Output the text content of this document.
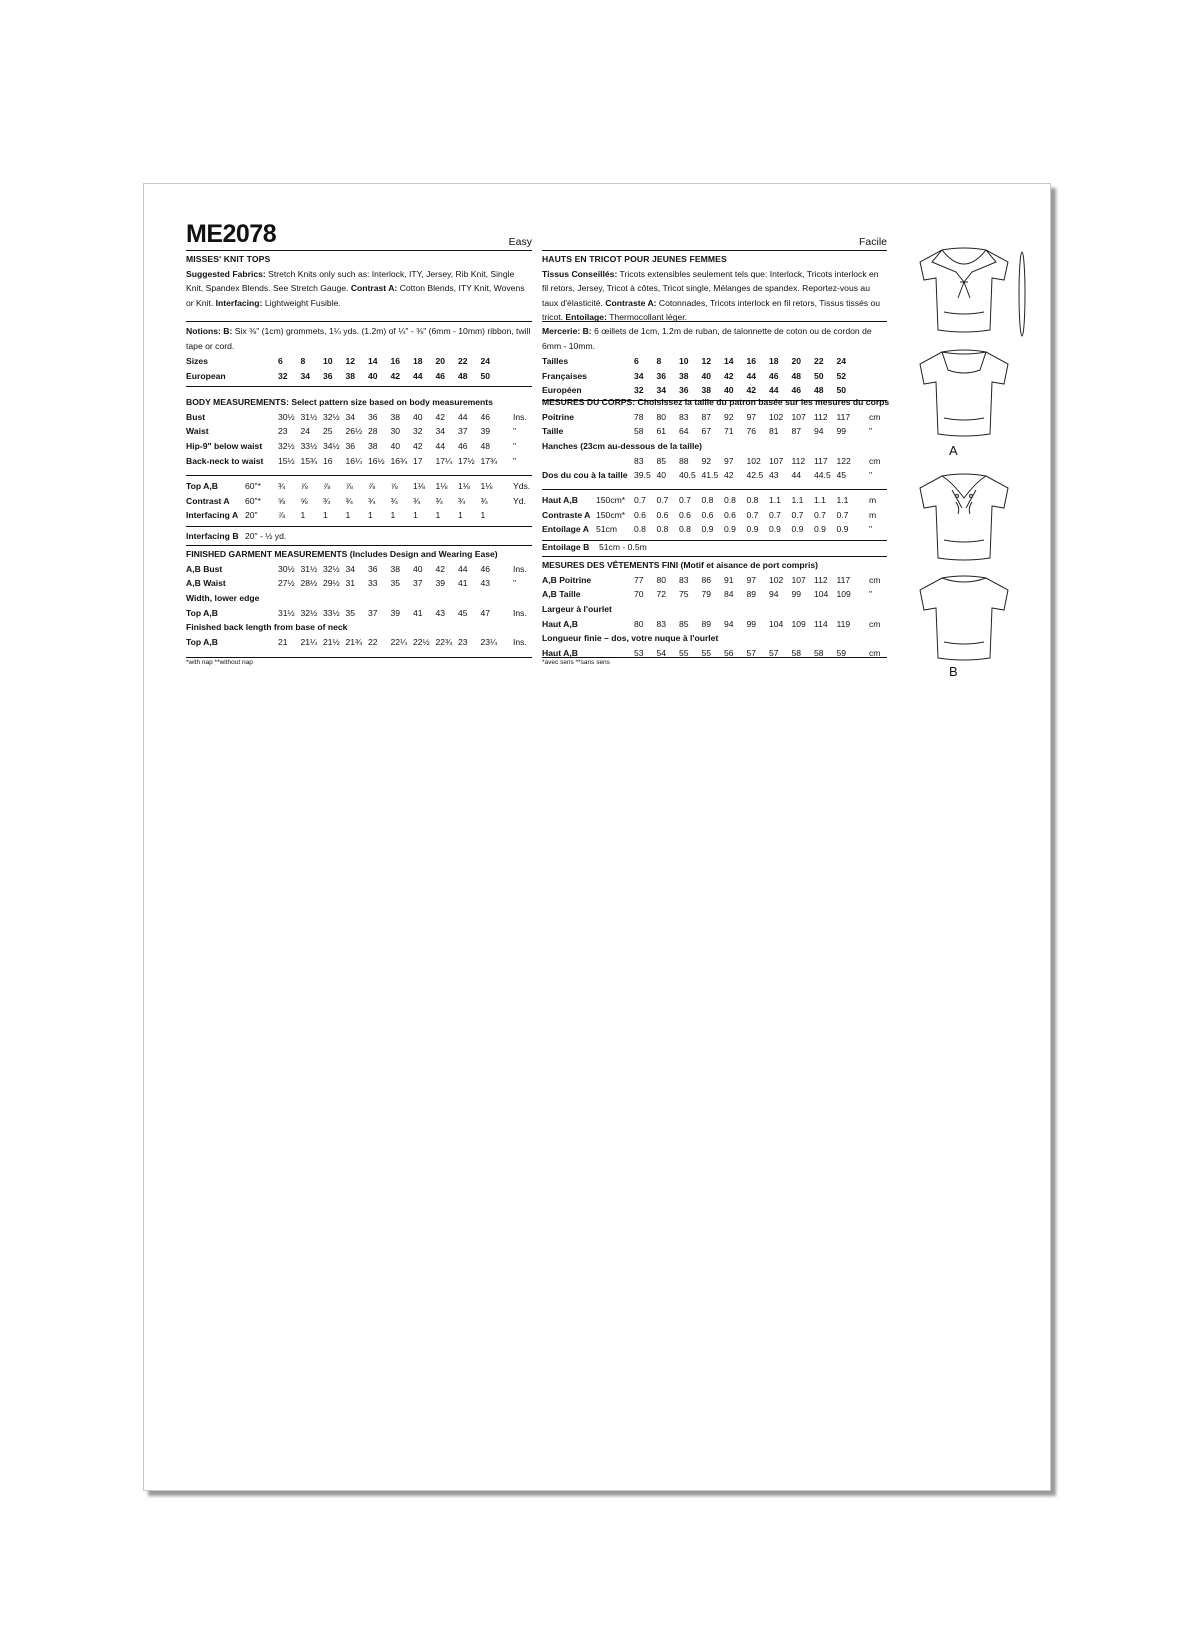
ME2078	Easy
MISSES' KNIT TOPS
Suggested Fabrics: Stretch Knits only such as: Interlock, ITY, Jersey, Rib Knit, Single Knit, Spandex Blends. See Stretch Gauge. Contrast A: Cotton Blends, ITY Knit, Wovens or Knit. Interfacing: Lightweight Fusible.
Notions: B: Six ⅜" (1cm) grommets, 1¼ yds. (1.2m) of ¼" - ⅜" (6mm - 10mm) ribbon, twill tape or cord.
Sizes	6 8 10 12 14 16 18 20 22 24
European	32 34 36 38 40 42 44 46 48 50
BODY MEASUREMENTS: Select pattern size based on body measurements
Bust	30½ 31½ 32½ 34 36 38 40 42 44 46	Ins.
Waist	23 24 25 26½ 28 30 32 34 37 39	"
Hip-9" below waist 32½ 33½ 34½ 36 38 40 42 44 46 48	"
Back-neck to waist 15½ 15¾ 16 16¼ 16½ 16¾ 17 17¼ 17½ 17¾ "
Top A,B	60"* ¾ ⅞ ⅞ ⅞ ⅞ ⅞ 1⅛ 1⅛ 1⅛ 1⅛ Yds.
Contrast A 60"* ⅝ ⅝ ¾ ¾ ¾ ¾ ¾ ¾ ¾ ¾	Yd.
Interfacing A 20" ⅞ 1 1 1 1 1 1 1 1 1
Interfacing B 20" - ½ yd.
FINISHED GARMENT MEASUREMENTS (Includes Design and Wearing Ease)
A,B Bust	30½ 31½ 32½ 34 36 38 40 42 44 46	Ins.
A,B Waist	27½ 28½ 29½ 31 33 35 37 39 41 43	"
Width, lower edge
Top A,B	31½ 32½ 33½ 35 37 39 41 43 45 47	Ins.
Finished back length from base of neck
Top A,B	21 21¼ 21½ 21¾ 22 22¼ 22½ 22¾ 23 23¼ Ins.
*with nap **without nap
Facile
HAUTS EN TRICOT POUR JEUNES FEMMES
Tissus Conseillés: Tricots extensibles seulement tels que: Interlock, Tricots interlock en fil retors, Jersey, Tricot à côtes, Tricot single, Mélanges de spandex. Reportez-vous au taux d'élasticité. Contraste A: Cotonnades, Tricots interlock en fil retors, Tissus tissés ou tricot. Entoilage: Thermocollant léger.
Mercerie: B: 6 œillets de 1cm, 1.2m de ruban, de talonnette de coton ou de cordon de 6mm - 10mm.
Tailles	6 8 10 12 14 16 18 20 22 24
Françaises	34 36 38 40 42 44 46 48 50 52
Européen	32 34 36 38 40 42 44 46 48 50
MESURES DU CORPS: Choisissez la taille du patron basée sur les mesures du corps
Poitrine	78 80 83 87 92 97 102 107 112 117 cm
Taille	58 61 64 67 71 76 81 87 94 99	"
Hanches (23cm au-dessous de la taille)
83 85 88 92 97 102 107 112 117 122 cm
Dos du cou à la taille 39.5 40 40.5 41.5 42 42.5 43 44 44.5 45	"
Haut A,B 150cm* 0.7 0.7 0.7 0.8 0.8 0.8 1.1 1.1 1.1 1.1 m
Contraste A 150cm* 0.6 0.6 0.6 0.6 0.6 0.7 0.7 0.7 0.7 0.7 m
Entoilage A 51cm 0.8 0.8 0.8 0.9 0.9 0.9 0.9 0.9 0.9 0.9 "
Entoilage B 51cm - 0.5m
MESURES DES VÊTEMENTS FINI (Motif et aisance de port compris)
A,B Poitrine	77 80 83 86 91 97 102 107 112 117 cm
A,B Taille	70 72 75 79 84 89 94 99 104 109 "
Largeur à l'ourlet
Haut A,B	80 83 85 89 94 99 104 109 114 119 cm
Longueur finie – dos, votre nuque à l'ourlet
Haut A,B	53 54 55 55 56 57 57 58 58 59	cm
*avec sens **sans sens
A
B
